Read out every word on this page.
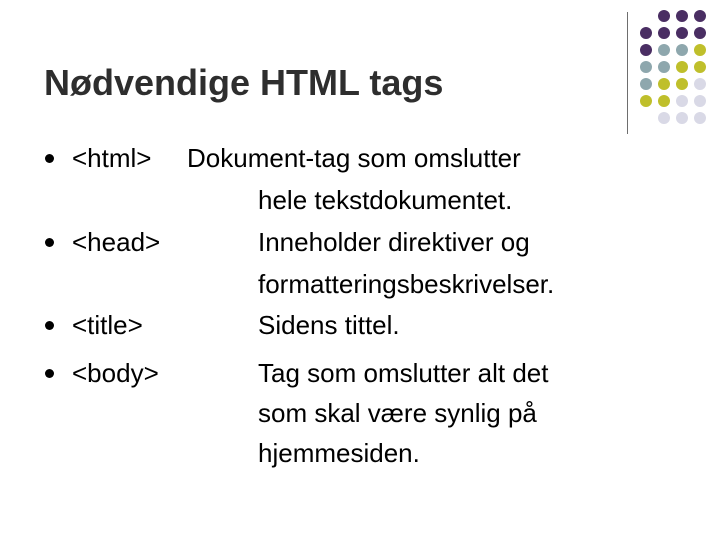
Nødvendige HTML tags
<html>
<head>
<title>
<body>
Dokument-tag som omslutter
hele tekstdokumentet.
Inneholder direktiver og
formatteringsbeskrivelser.
Sidens tittel.
Tag som omslutter alt det
som skal være synlig på
hjemmesiden.
